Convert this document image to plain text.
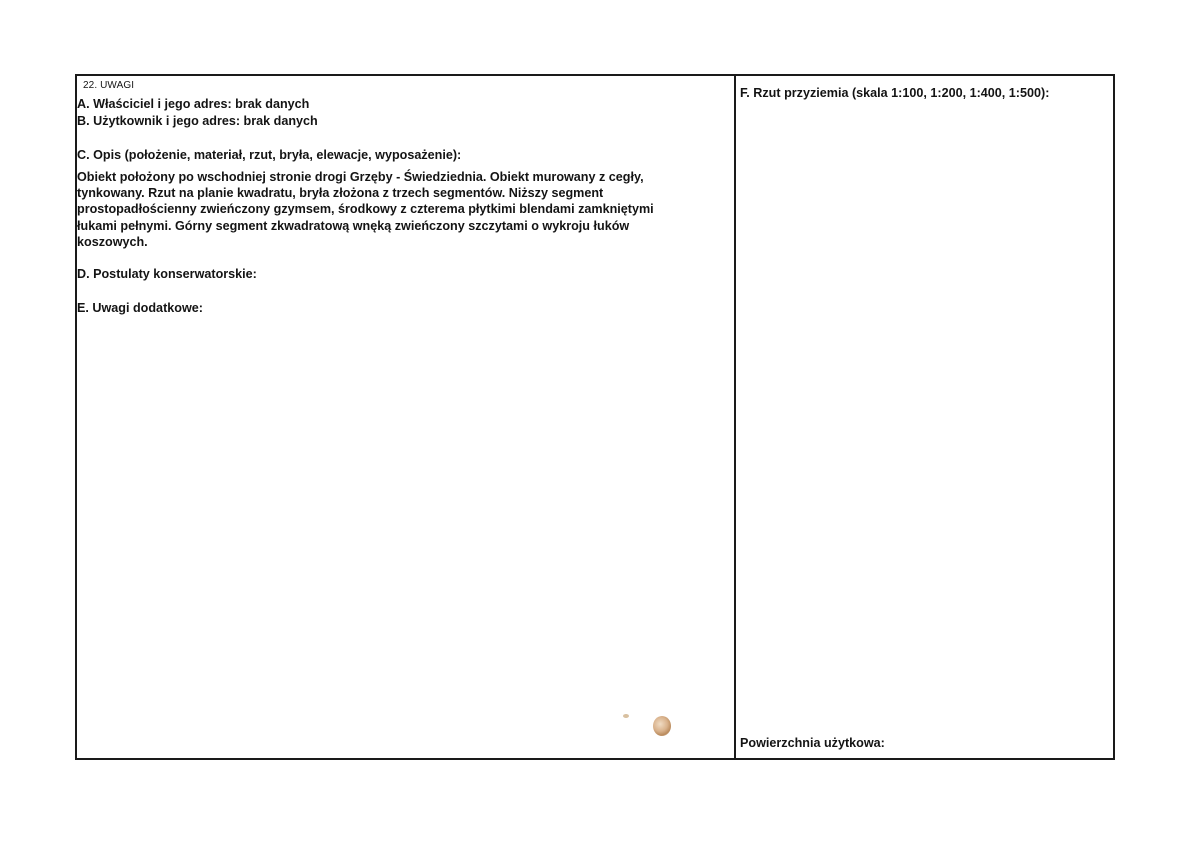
22. UWAGI
A. Właściciel i jego adres: brak danych
B. Użytkownik i jego adres: brak danych
C. Opis (położenie, materiał, rzut, bryła, elewacje, wyposażenie):
Obiekt położony po wschodniej stronie drogi Grzęby - Świedziednia. Obiekt murowany z cegły,
tynkowany. Rzut na planie kwadratu, bryła złożona z trzech segmentów. Niższy segment
prostopadłościenny zwieńczony gzymsem, środkowy z czterema płytkimi blendami zamkniętymi
łukami pełnymi. Górny segment zkwadratową wnęką zwieńczony szczytami o wykroju łuków
koszowych.
D. Postulaty konserwatorskie:
E. Uwagi dodatkowe:
F. Rzut przyziemia (skala 1:100, 1:200, 1:400, 1:500):
Powierzchnia użytkowa:
